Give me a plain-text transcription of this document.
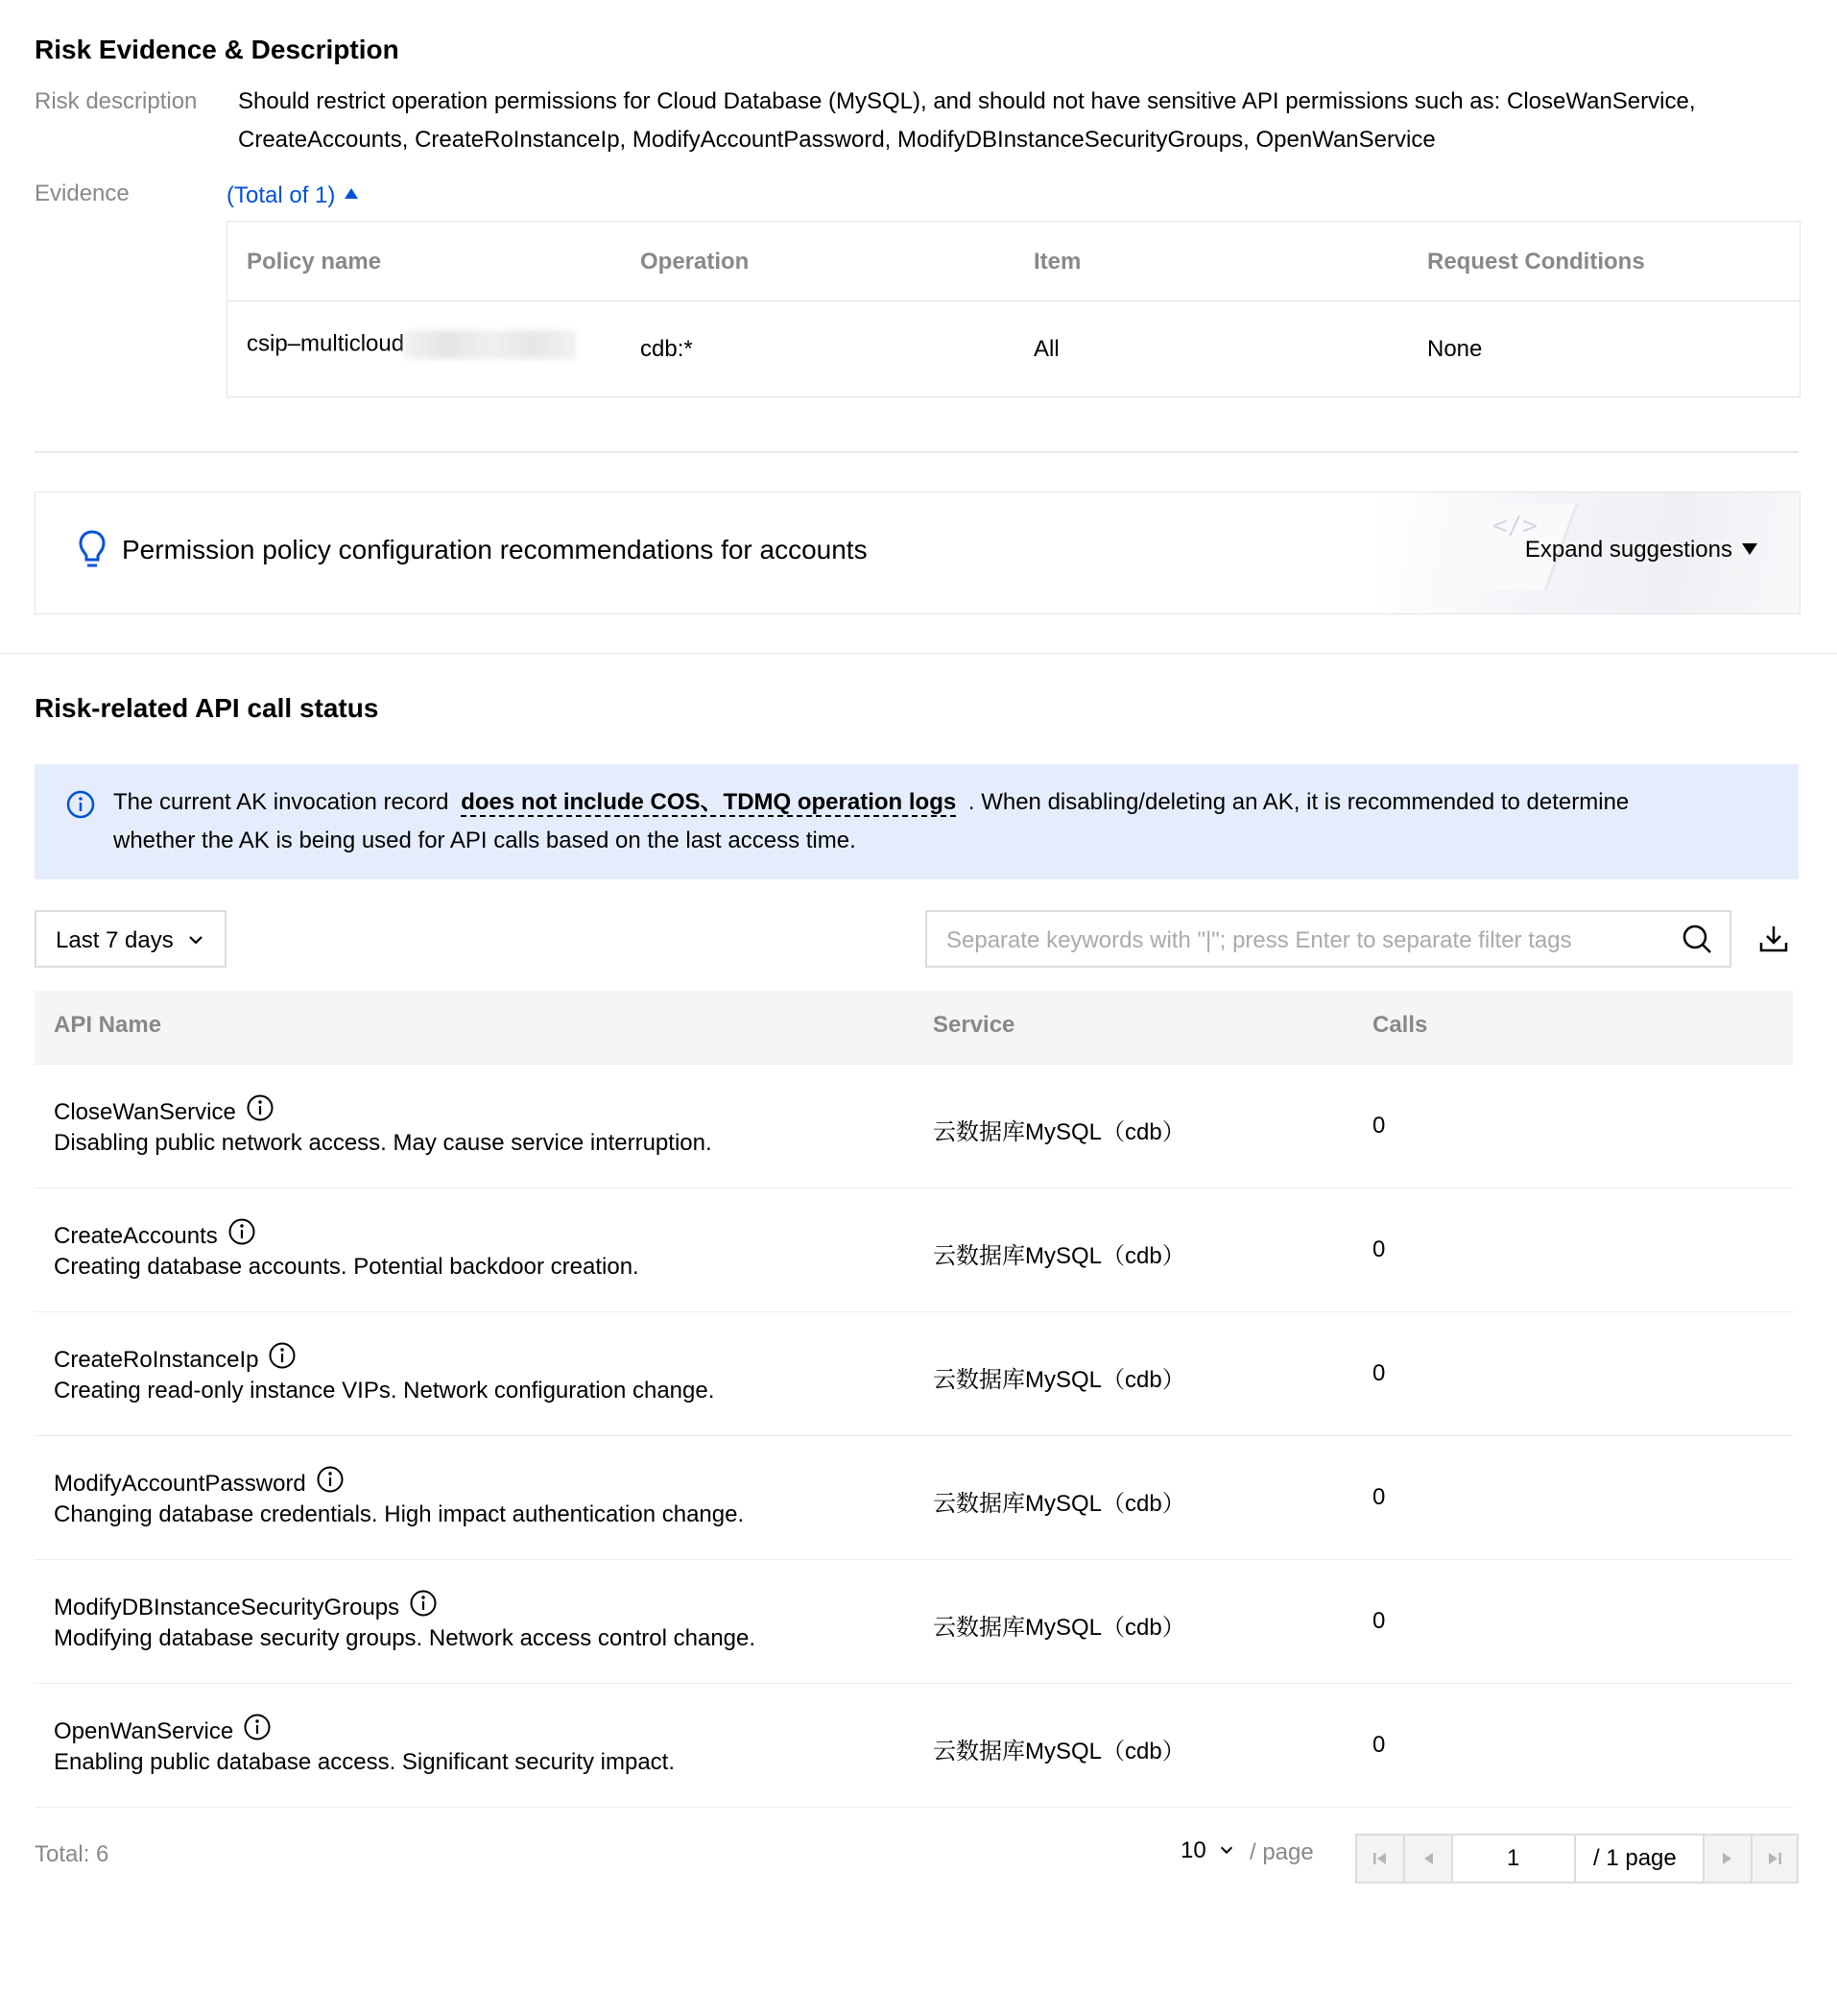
Risk Evidence & Description
Risk description Should restrict operation permissions for Cloud Database (MySQL), and should not have sensitive API permissions such as: CloseWanService,
CreateAccounts, CreateRoInstanceIp, ModifyAccountPassword, ModifyDBInstanceSecurityGroups, OpenWanService
Evidence	(Total of 1)
Policy name	Operation	Item	Request Conditions
csip–multicloud	cdb:*	All	None
</>
Permission policy configuration recommendations for accounts	Expand suggestions
Risk-related API call status
The current AK invocation record does not include COS、TDMQ operation logs . When disabling/deleting an AK, it is recommended to determine
whether the AK is being used for API calls based on the last access time.
Last 7 days	Separate keywords with "|"; press Enter to separate filter tags
API Name	Service	Calls
CloseWanService
Disabling public network access. May cause service interruption.	云数据库MySQL（cdb）	0
CreateAccounts
Creating database accounts. Potential backdoor creation.	云数据库MySQL（cdb）	0
CreateRoInstanceIp
Creating read-only instance VIPs. Network configuration change.	云数据库MySQL（cdb）	0
ModifyAccountPassword
Changing database credentials. High impact authentication change.	云数据库MySQL（cdb）	0
ModifyDBInstanceSecurityGroups
Modifying database security groups. Network access control change.	云数据库MySQL（cdb）	0
OpenWanService
Enabling public database access. Significant security impact.	云数据库MySQL（cdb）	0
Total: 6	10	/ page	1	/ 1 page
